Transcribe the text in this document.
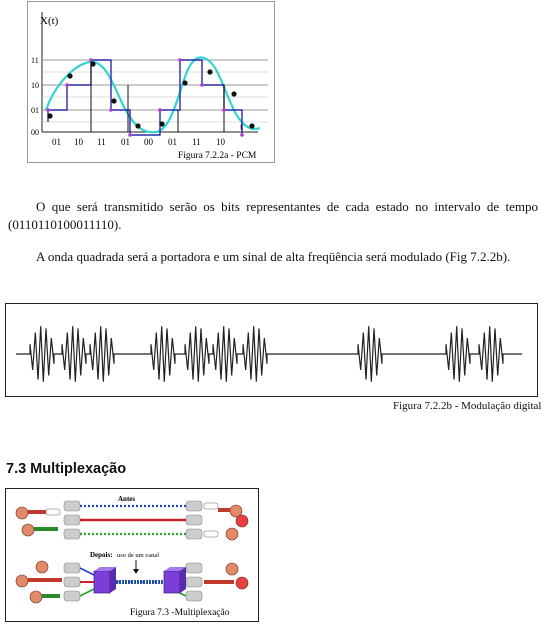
X(t)
t
11
10
01
00
01 10 11 01 00 01 11 10
Figura 7.2.2a - PCM
O que será transmitido serão os bits representantes de cada estado no intervalo de tempo (0110110100011110).
A onda quadrada será a portadora e um sinal de alta freqüência será modulado (Fig 7.2.2b).
Figura 7.2.2b - Modulação digital
7.3 Multiplexação
Antes
Depois: uso de um canal
Figura 7.3 -Multiplexação
